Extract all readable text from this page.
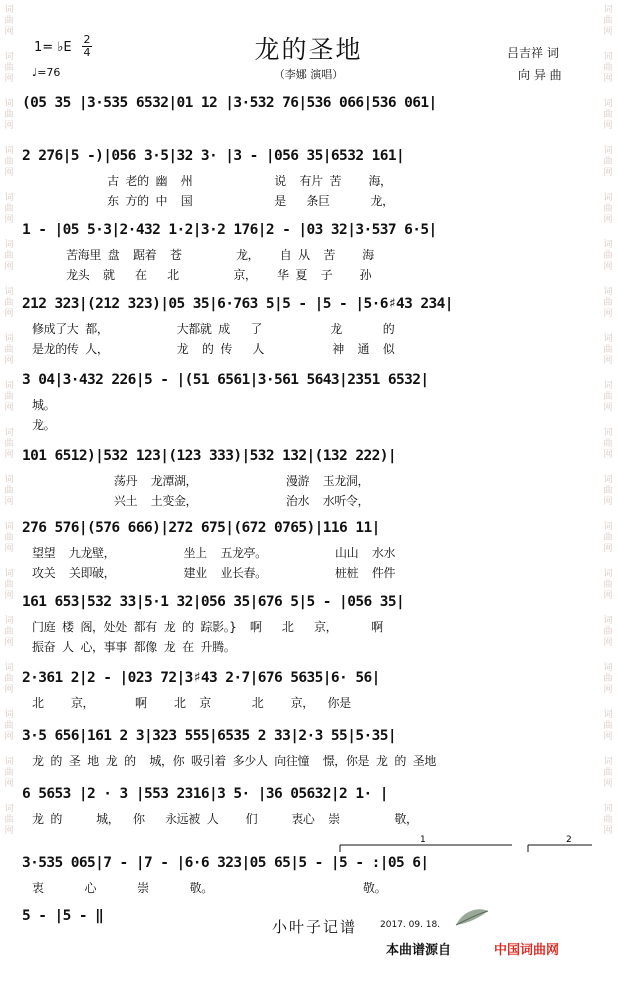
词曲网
词曲网
词曲网
词曲网
词曲网
词曲网
词曲网
词曲网
词曲网
词曲网
词曲网
词曲网
词曲网
词曲网
词曲网
词曲网
词曲网
词曲网
词曲网
词曲网
词曲网
词曲网
词曲网
词曲网
词曲网
词曲网
词曲网
词曲网
词曲网
词曲网
词曲网
词曲网
词曲网
词曲网
词曲网
词曲网
1= ♭E
2
4
♩=76
龙的圣地
（李娜 演唱）
吕吉祥 词
向 异 曲
(05 35 |3·535 6532|01 12 |3·532 76|536 066|536 061|
2 276|5 -)|056 3·5|32 3· |3 - |056 35|6532 161|
古 老的 幽  州            说  有片 苦    海，
东 方的 中  国            是   条巨      龙，
1 - |05 5·3|2·432 1·2|3·2 176|2 - |03 32|3·537 6·5|
苦海里 盘  踞着  苍        龙，   自 从  苦    海
龙头  就   在   北        京，   华 夏  子    孙
212 323|(212 323)|05 35|6·763 5|5 - |5 - |5·6♯43 234|
修成了大 都，          大都就 成   了          龙      的
是龙的传 人，          龙  的 传   人          神  通  似
3 04|3·432 226|5 - |(51 6561|3·561 5643|2351 6532|
城。
龙。
101 6512)|532 123|(123 333)|532 132|(132 222)|
荡丹  龙潭湖，             漫游  玉龙洞，
兴土  土变金，             治水  水听令，
276 576|(576 666)|272 675|(672 0765)|116 11|
望望  九龙壁，          坐上  五龙亭。          山山  水水
攻关  关即破，          建业  业长春。          桩桩  件件
161 653|532 33|5·1 32|056 35|676 5|5 - |056 35|
门庭 楼 阁，处处 都有 龙 的 踪影。}  啊   北   京，     啊
振奋 人 心，事事 都像 龙 在 升腾。
2·361 2|2 - |023 72|3♯43 2·7|676 5635|6· 56|
北    京，      啊    北  京      北    京，  你是
3·5 656|161 2 3|323 555|6535 2 33|2·3 55|5·35|
龙 的 圣 地 龙 的  城，你 吸引着 多少人 向往憧  憬，你是 龙 的 圣地
6 5653 |2 · 3 |553 2316|3 5· |36 05632|2 1· |
龙 的     城，  你   永远被 人    们     衷心  崇        敬，
3·535 065|7 - |7 - |6·6 323|05 65|5 - |5 - :|05 6|
衷      心      崇      敬。                      敬。
5 - |5 - ‖
1	2
小叶子记谱	2017. 09. 18.
本曲谱源自	中国词曲网
